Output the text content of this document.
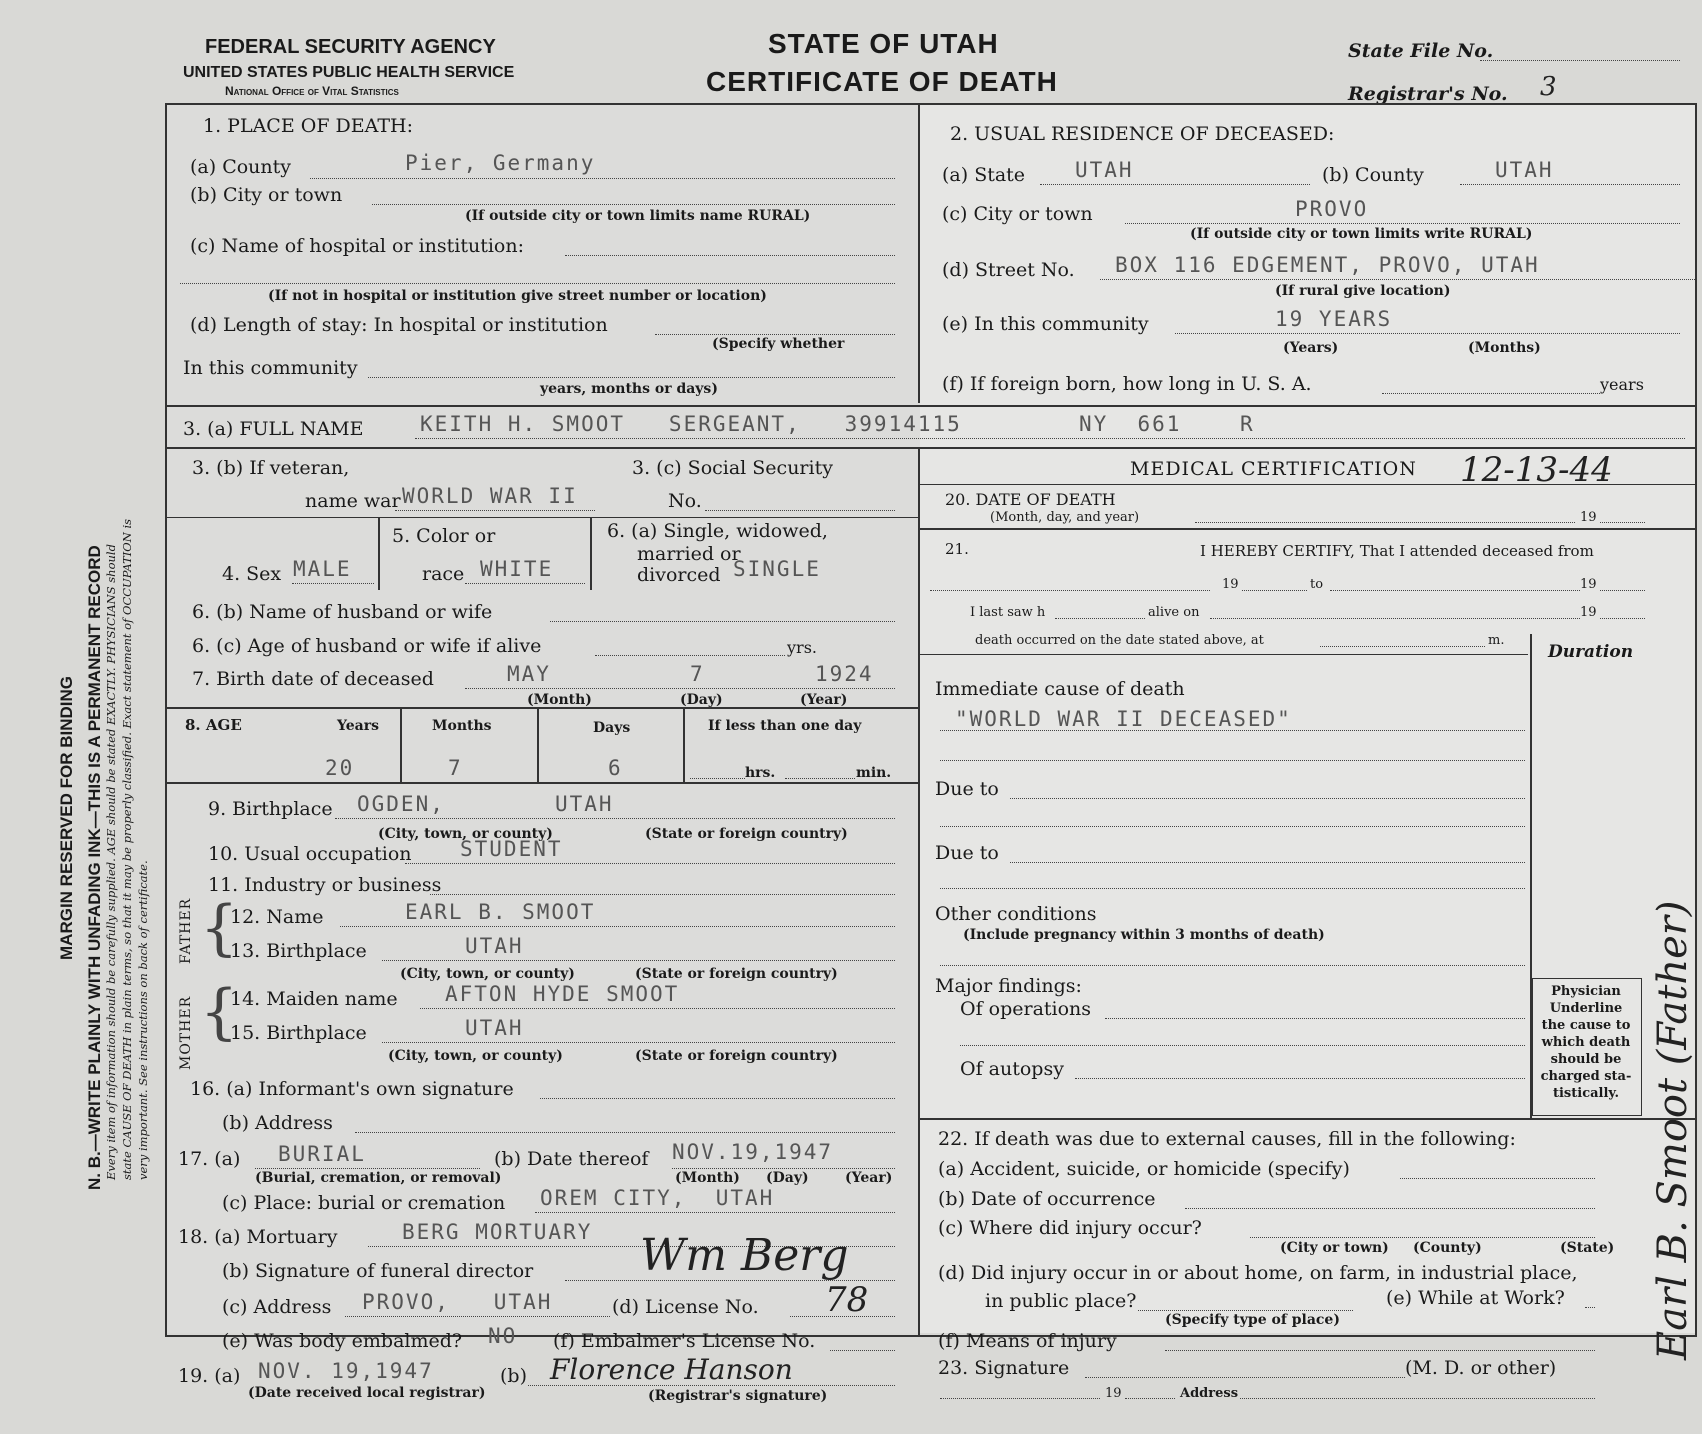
FEDERAL SECURITY AGENCY
UNITED STATES PUBLIC HEALTH SERVICE
National Office of Vital Statistics
STATE OF UTAH
CERTIFICATE OF DEATH
State File No.
Registrar's No. 3
N. B.—WRITE PLAINLY WITH UNFADING INK—THIS IS A PERMANENT RECORD
MARGIN RESERVED FOR BINDING Every item of information should be carefully supplied. AGE should be stated EXACTLY. PHYSICIANS should state CAUSE OF DEATH in plain terms, so that it may be properly classified. Exact statement of OCCUPATION is very important. See instructions on back of certificate.
1. PLACE OF DEATH:
(a) County	Pier, Germany
(b) City or town
(If outside city or town limits name RURAL)
(c) Name of hospital or institution:
(If not in hospital or institution give street number or location)
(d) Length of stay: In hospital or institution
(Specify whether
In this community
years, months or days)
2. USUAL RESIDENCE OF DECEASED:
(a) State UTAH	(b) County	UTAH
(c) City or town	PROVO
(If outside city or town limits write RURAL)
(d) Street No. BOX 116 EDGEMENT, PROVO, UTAH
(If rural give location)
(e) In this community	19 YEARS
(Years)	(Months)
(f) If foreign born, how long in U. S. A.	years
3. (a) FULL NAME	KEITH H. SMOOT   SERGEANT,   39914115        NY  661    R
3. (b) If veteran,
name war WORLD WAR II
3. (c) Social Security
No.
5. Color or
race WHITE
4. Sex MALE
6. (a) Single, widowed,
married or
divorced SINGLE
6. (b) Name of husband or wife
6. (c) Age of husband or wife if alive	yrs.
7. Birth date of deceased	MAY	7	1924
(Month)	(Day)	(Year)
8. AGE	Years	Months	Days	If less than one day
20	7	6	hrs.	min.
9. Birthplace OGDEN,	UTAH
(City, town, or county)	(State or foreign country)
10. Usual occupation STUDENT
11. Industry or business
FATHER
MOTHER
{
{
12. Name	EARL B. SMOOT
13. Birthplace	UTAH
(City, town, or county)	(State or foreign country)
14. Maiden name AFTON HYDE SMOOT
15. Birthplace	UTAH
(City, town, or county)	(State or foreign country)
16. (a) Informant's own signature
(b) Address
17. (a) BURIAL
(Burial, cremation, or removal)
(b) Date thereof NOV.19,1947
(Month) (Day)	(Year)
(c) Place: burial or cremation OREM CITY,  UTAH
18. (a) Mortuary	BERG MORTUARY
(b) Signature of funeral director Wm Berg
(c) Address PROVO,   UTAH	(d) License No. 78
(e) Was body embalmed? NO (f) Embalmer's License No.
19. (a) NOV. 19,1947
(Date received local registrar)
(b) Florence Hanson
(Registrar's signature)
MEDICAL CERTIFICATION 12-13-44
20. DATE OF DEATH
(Month, day, and year)	19
21.	I HEREBY CERTIFY, That I attended deceased from
19	to	19
I last saw h	alive on	19
death occurred on the date stated above, at	m.
Duration
Immediate cause of death
"WORLD WAR II DECEASED"
Due to
Due to
Other conditions
(Include pregnancy within 3 months of death)
Major findings:
Of operations
Of autopsy
Physician
Underline
the cause to
which death
should be
charged sta-
tistically.
22. If death was due to external causes, fill in the following:
(a) Accident, suicide, or homicide (specify)
(b) Date of occurrence
(c) Where did injury occur?
(City or town) (County)	(State)
(d) Did injury occur in or about home, on farm, in industrial place,
in public place?
(Specify type of place)
(e) While at Work?
(f) Means of injury
23. Signature	(M. D. or other)
19	Address
Earl B. Smoot (Father)
